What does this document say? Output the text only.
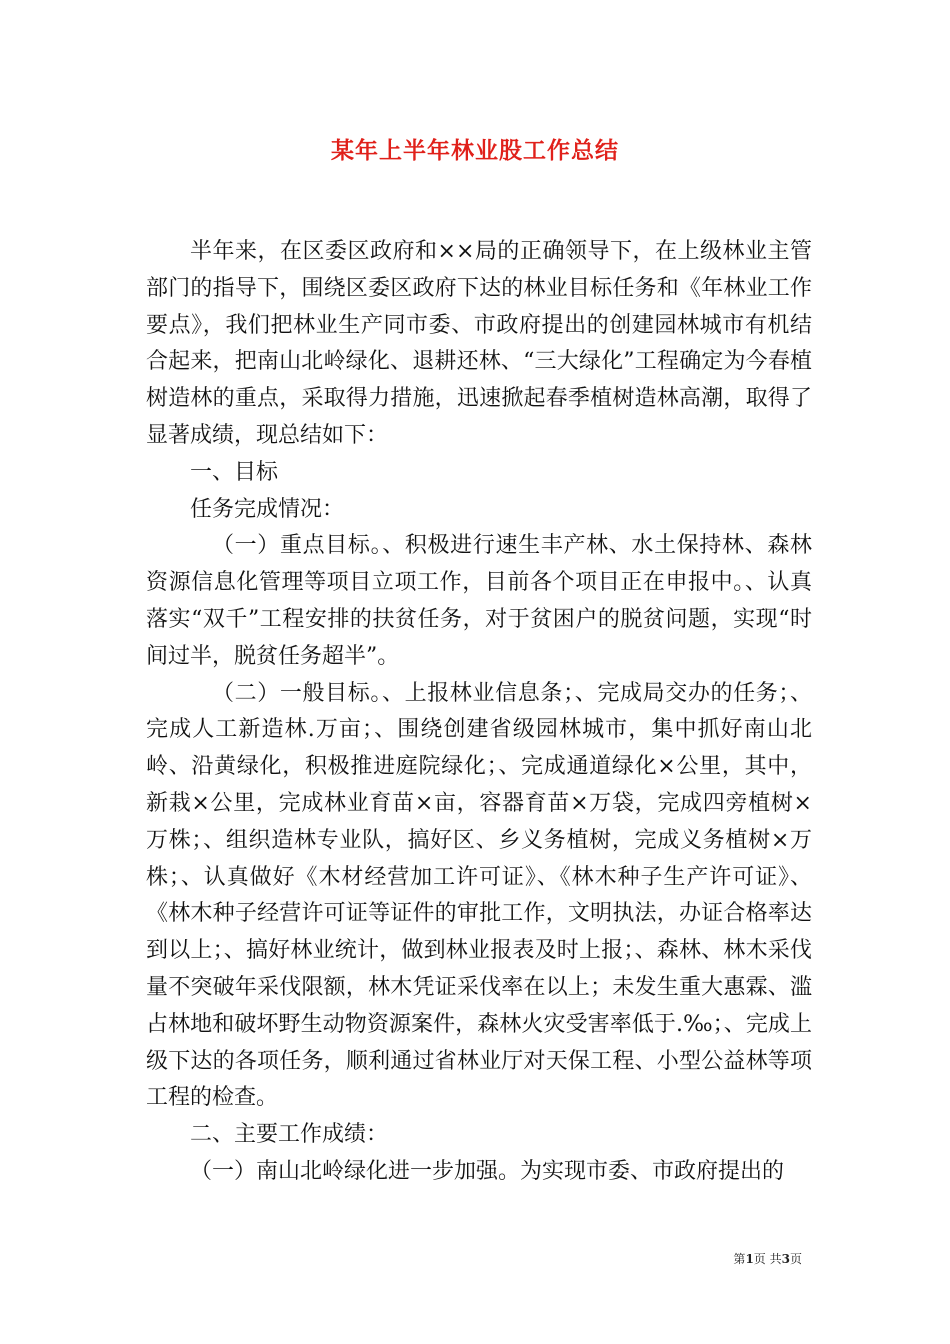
某年上半年林业股工作总结

半年来，在区委区政府和××局的正确领导下，在上级林业主管部门的指导下，围绕区委区政府下达的林业目标任务和《年林业工作要点》，我们把林业生产同市委、市政府提出的创建园林城市有机结合起来，把南山北岭绿化、退耕还林、“三大绿化”工程确定为今春植树造林的重点，采取得力措施，迅速掀起春季植树造林高潮，取得了显著成绩，现总结如下：

一、目标

任务完成情况：

（一）重点目标。、积极进行速生丰产林、水土保持林、森林资源信息化管理等项目立项工作，目前各个项目正在申报中。、认真落实“双千”工程安排的扶贫任务，对于贫困户的脱贫问题，实现“时间过半，脱贫任务超半”。

（二）一般目标。、上报林业信息条；、完成局交办的任务；、完成人工新造林.万亩；、围绕创建省级园林城市，集中抓好南山北岭、沿黄绿化，积极推进庭院绿化；、完成通道绿化×公里，其中，新栽×公里，完成林业育苗×亩，容器育苗×万袋，完成四旁植树×万株；、组织造林专业队，搞好区、乡义务植树，完成义务植树×万株；、认真做好《木材经营加工许可证》、《林木种子生产许可证》、《林木种子经营许可证等证件的审批工作，文明执法，办证合格率达到以上；、搞好林业统计，做到林业报表及时上报；、森林、林木采伐量不突破年采伐限额，林木凭证采伐率在以上；未发生重大惠霖、滥占林地和破坏野生动物资源案件，森林火灾受害率低于.‰；、完成上级下达的各项任务，顺利通过省林业厅对天保工程、小型公益林等项工程的检查。

二、主要工作成绩：

（一）南山北岭绿化进一步加强。为实现市委、市政府提出的

第1页 共3页
